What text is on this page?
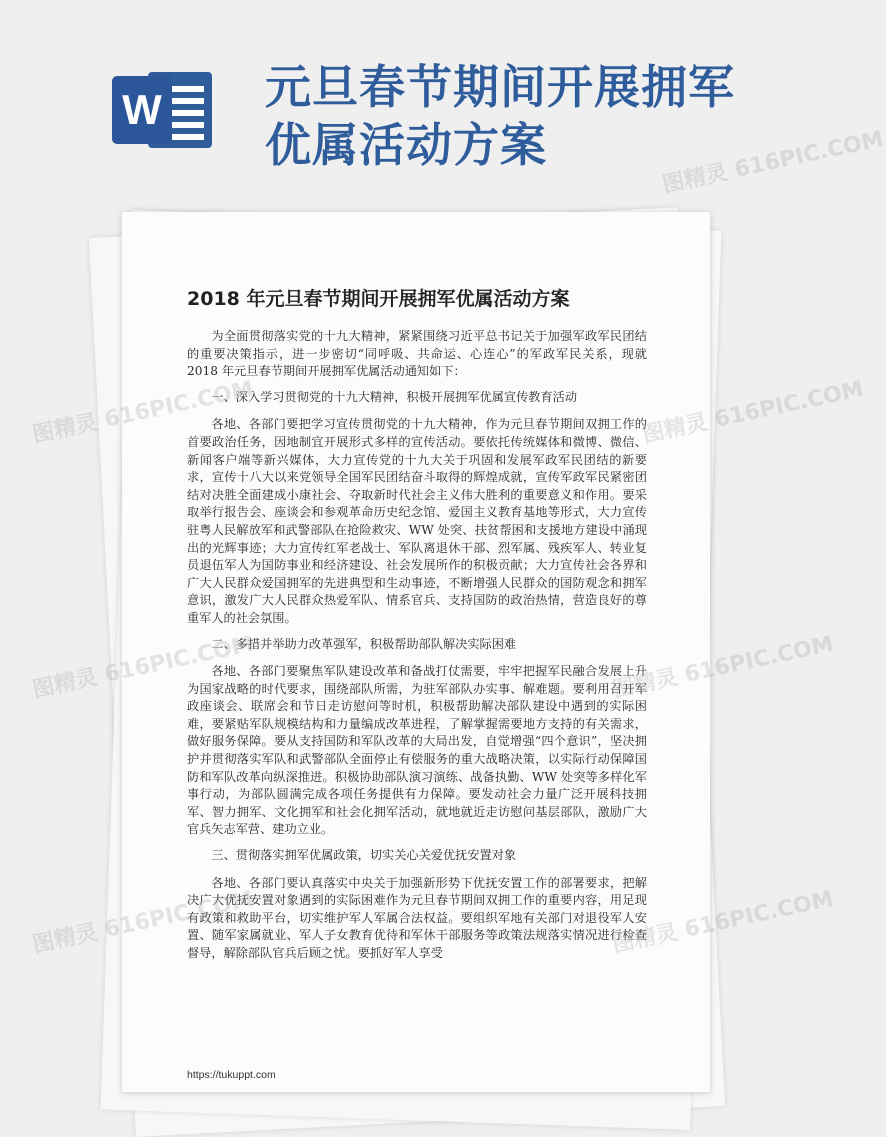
W 元旦春节期间开展拥军
优属活动方案
2018 年元旦春节期间开展拥军优属活动方案

为全面贯彻落实党的十九大精神，紧紧围绕习近平总书记关于加强军政军民团结的重要决策指示，进一步密切“同呼吸、共命运、心连心”的军政军民关系，现就 2018 年元旦春节期间开展拥军优属活动通知如下：

一、深入学习贯彻党的十九大精神，积极开展拥军优属宣传教育活动

各地、各部门要把学习宣传贯彻党的十九大精神，作为元旦春节期间双拥工作的首要政治任务，因地制宜开展形式多样的宣传活动。要依托传统媒体和微博、微信、新闻客户端等新兴媒体，大力宣传党的十九大关于巩固和发展军政军民团结的新要求，宣传十八大以来党领导全国军民团结奋斗取得的辉煌成就，宣传军政军民紧密团结对决胜全面建成小康社会、夺取新时代社会主义伟大胜利的重要意义和作用。要采取举行报告会、座谈会和参观革命历史纪念馆、爱国主义教育基地等形式，大力宣传驻粤人民解放军和武警部队在抢险救灾、WW 处突、扶贫帮困和支援地方建设中涌现出的光辉事迹；大力宣传红军老战士、军队离退休干部、烈军属、残疾军人、转业复员退伍军人为国防事业和经济建设、社会发展所作的积极贡献；大力宣传社会各界和广大人民群众爱国拥军的先进典型和生动事迹，不断增强人民群众的国防观念和拥军意识，激发广大人民群众热爱军队、情系官兵、支持国防的政治热情，营造良好的尊重军人的社会氛围。

二、多措并举助力改革强军，积极帮助部队解决实际困难

各地、各部门要聚焦军队建设改革和备战打仗需要，牢牢把握军民融合发展上升为国家战略的时代要求，围绕部队所需，为驻军部队办实事、解难题。要利用召开军政座谈会、联席会和节日走访慰问等时机，积极帮助解决部队建设中遇到的实际困难，要紧贴军队规模结构和力量编成改革进程，了解掌握需要地方支持的有关需求，做好服务保障。要从支持国防和军队改革的大局出发，自觉增强“四个意识”，坚决拥护并贯彻落实军队和武警部队全面停止有偿服务的重大战略决策，以实际行动保障国防和军队改革向纵深推进。积极协助部队演习演练、战备执勤、WW 处突等多样化军事行动，为部队圆满完成各项任务提供有力保障。要发动社会力量广泛开展科技拥军、智力拥军、文化拥军和社会化拥军活动，就地就近走访慰问基层部队，激励广大官兵矢志军营、建功立业。

三、贯彻落实拥军优属政策，切实关心关爱优抚安置对象

各地、各部门要认真落实中央关于加强新形势下优抚安置工作的部署要求，把解决广大优抚安置对象遇到的实际困难作为元旦春节期间双拥工作的重要内容，用足现有政策和救助平台，切实维护军人军属合法权益。要组织军地有关部门对退役军人安置、随军家属就业、军人子女教育优待和军休干部服务等政策法规落实情况进行检查督导，解除部队官兵后顾之忧。要抓好军人享受

https://tukuppt.com
图精灵 616PIC.COM
图精灵 616PIC.COM	图精灵 616PIC.COM
图精灵 616PIC.COM	图精灵 616PIC.COM
图精灵 616PIC.COM	图精灵 616PIC.COM
